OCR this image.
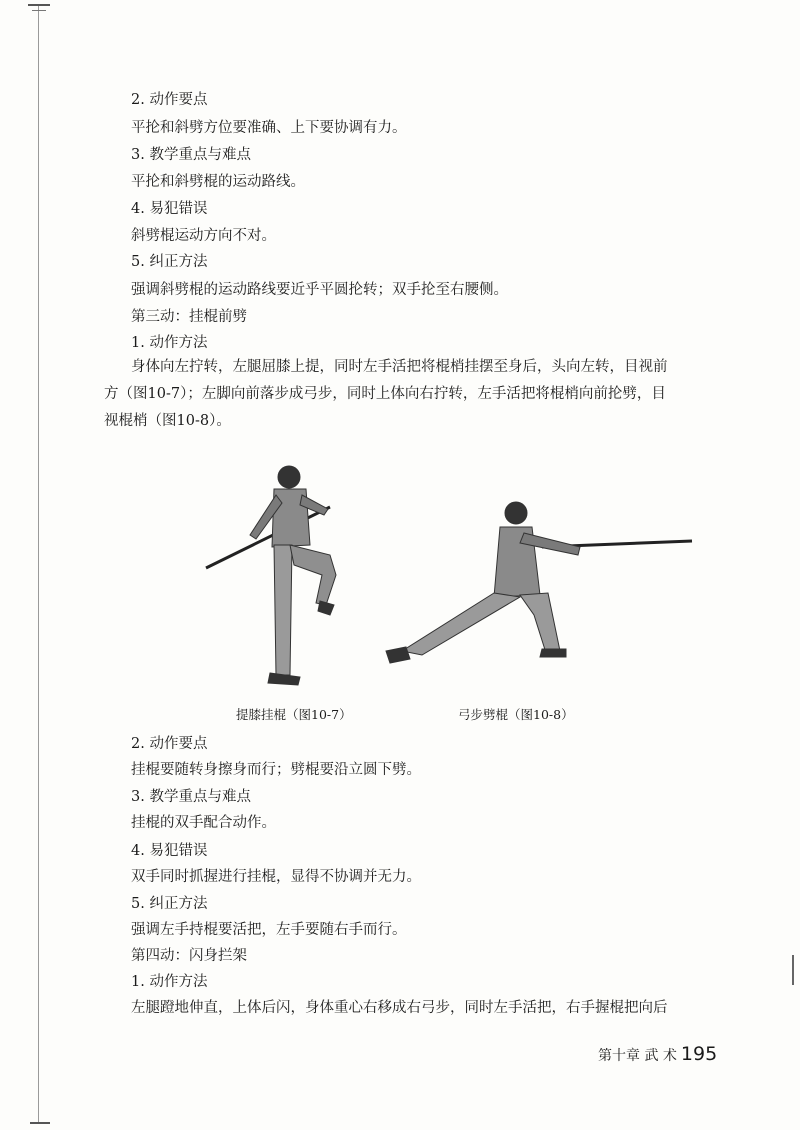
2. 动作要点
平抡和斜劈方位要准确、上下要协调有力。
3. 教学重点与难点
平抡和斜劈棍的运动路线。
4. 易犯错误
斜劈棍运动方向不对。
5. 纠正方法
强调斜劈棍的运动路线要近乎平圆抡转；双手抡至右腰侧。
第三动：挂棍前劈
1. 动作方法
身体向左拧转，左腿屈膝上提，同时左手活把将棍梢挂摆至身后，头向左转，目视前
方（图10-7）；左脚向前落步成弓步，同时上体向右拧转，左手活把将棍梢向前抡劈，目
视棍梢（图10-8）。
提膝挂棍（图10-7）	弓步劈棍（图10-8）
2. 动作要点
挂棍要随转身擦身而行；劈棍要沿立圆下劈。
3. 教学重点与难点
挂棍的双手配合动作。
4. 易犯错误
双手同时抓握进行挂棍，显得不协调并无力。
5. 纠正方法
强调左手持棍要活把，左手要随右手而行。
第四动：闪身拦架
1. 动作方法
左腿蹬地伸直，上体后闪，身体重心右移成右弓步，同时左手活把，右手握棍把向后
第十章 武 术 195
